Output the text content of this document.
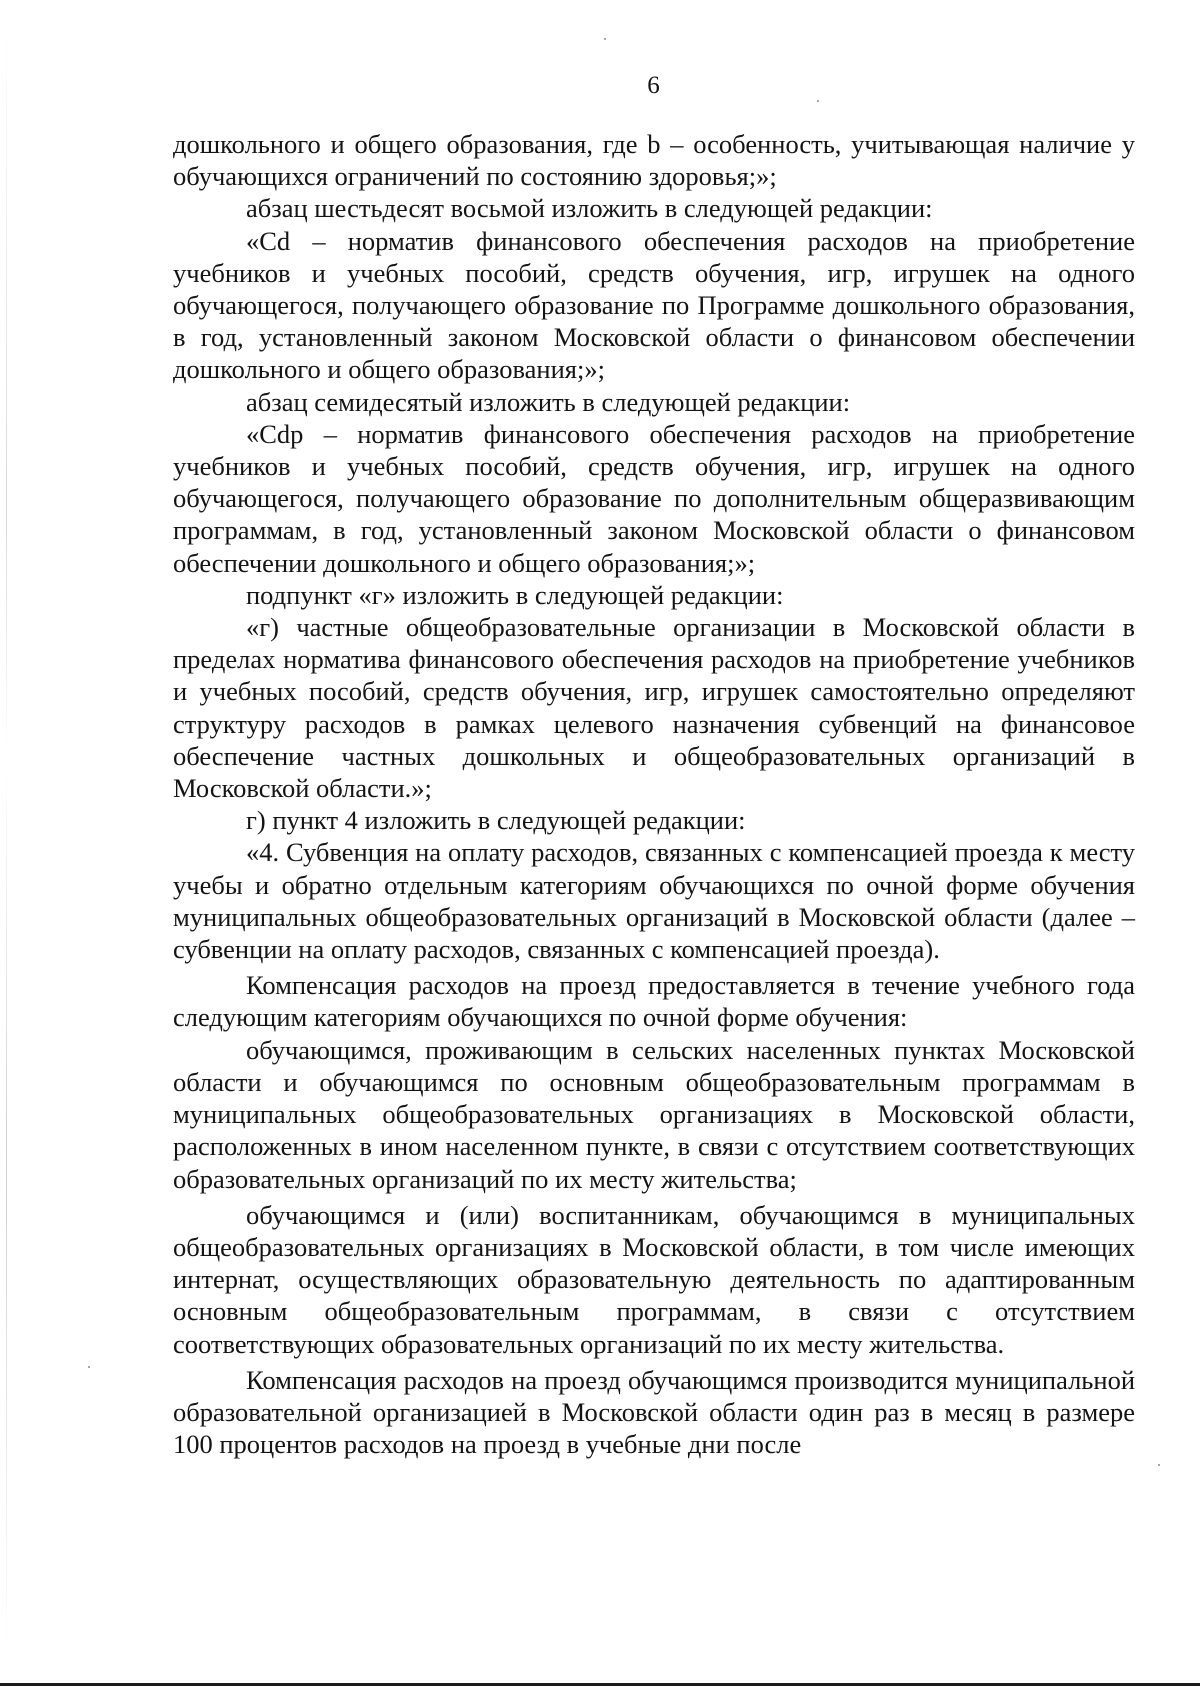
6

дошкольного и общего образования, где b – особенность, учитывающая наличие у обучающихся ограничений по состоянию здоровья;»;

абзац шестьдесят восьмой изложить в следующей редакции:

«Cd – норматив финансового обеспечения расходов на приобретение учебников и учебных пособий, средств обучения, игр, игрушек на одного обучающегося, получающего образование по Программе дошкольного образования, в год, установленный законом Московской области о финансовом обеспечении дошкольного и общего образования;»;

абзац семидесятый изложить в следующей редакции:

«Cdp – норматив финансового обеспечения расходов на приобретение учебников и учебных пособий, средств обучения, игр, игрушек на одного обучающегося, получающего образование по дополнительным общеразвивающим программам, в год, установленный законом Московской области о финансовом обеспечении дошкольного и общего образования;»;

подпункт «г» изложить в следующей редакции:

«г) частные общеобразовательные организации в Московской области в пределах норматива финансового обеспечения расходов на приобретение учебников и учебных пособий, средств обучения, игр, игрушек самостоятельно определяют структуру расходов в рамках целевого назначения субвенций на финансовое обеспечение частных дошкольных и общеобразовательных организаций в Московской области.»;

г) пункт 4 изложить в следующей редакции:

«4. Субвенция на оплату расходов, связанных с компенсацией проезда к месту учебы и обратно отдельным категориям обучающихся по очной форме обучения муниципальных общеобразовательных организаций в Московской области (далее – субвенции на оплату расходов, связанных с компенсацией проезда).

Компенсация расходов на проезд предоставляется в течение учебного года следующим категориям обучающихся по очной форме обучения:

обучающимся, проживающим в сельских населенных пунктах Московской области и обучающимся по основным общеобразовательным программам в муниципальных общеобразовательных организациях в Московской области, расположенных в ином населенном пункте, в связи с отсутствием соответствующих образовательных организаций по их месту жительства;

обучающимся и (или) воспитанникам, обучающимся в муниципальных общеобразовательных организациях в Московской области, в том числе имеющих интернат, осуществляющих образовательную деятельность по адаптированным основным общеобразовательным программам, в связи с отсутствием соответствующих образовательных организаций по их месту жительства.

Компенсация расходов на проезд обучающимся производится муниципальной образовательной организацией в Московской области один раз в месяц в размере 100 процентов расходов на проезд в учебные дни после
